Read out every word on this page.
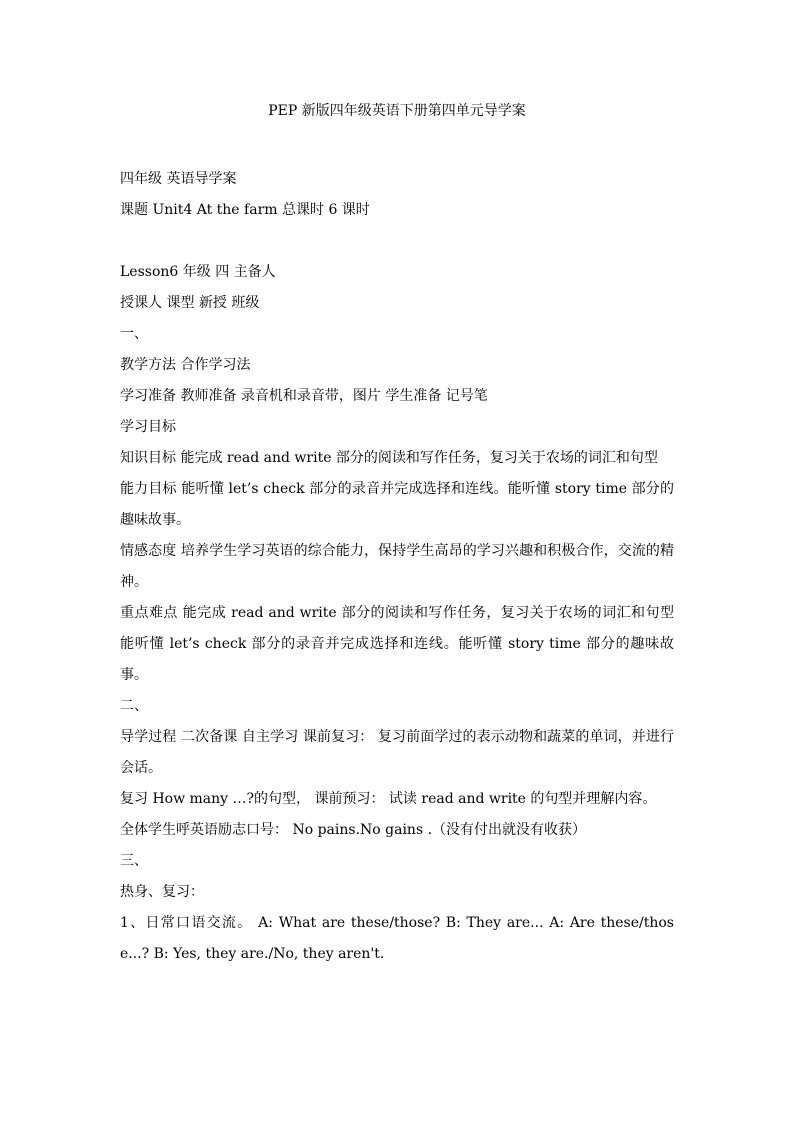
PEP 新版四年级英语下册第四单元导学案
四年级 英语导学案
课题 Unit4 At the farm 总课时 6 课时
Lesson6 年级 四 主备人
授课人 课型 新授 班级
一、
教学方法 合作学习法
学习准备 教师准备 录音机和录音带，图片 学生准备 记号笔
学习目标
知识目标 能完成 read and write 部分的阅读和写作任务，复习关于农场的词汇和句型
能力目标 能听懂 let’s check 部分的录音并完成选择和连线。能听懂 story time 部分的趣味故事。
情感态度 培养学生学习英语的综合能力，保持学生高昂的学习兴趣和积极合作，交流的精神。
重点难点 能完成 read and write 部分的阅读和写作任务，复习关于农场的词汇和句型 能听懂 let’s check 部分的录音并完成选择和连线。能听懂 story time 部分的趣味故事。
二、
导学过程 二次备课 自主学习 课前复习： 复习前面学过的表示动物和蔬菜的单词，并进行会话。
复习 How many …?的句型， 课前预习： 试读 read and write 的句型并理解内容。
全体学生呼英语励志口号： No pains.No gains .（没有付出就没有收获）
三、
热身、复习：
1、日常口语交流。 A: What are these/those? B: They are... A: Are these/those...? B: Yes, they are./No, they aren't.
